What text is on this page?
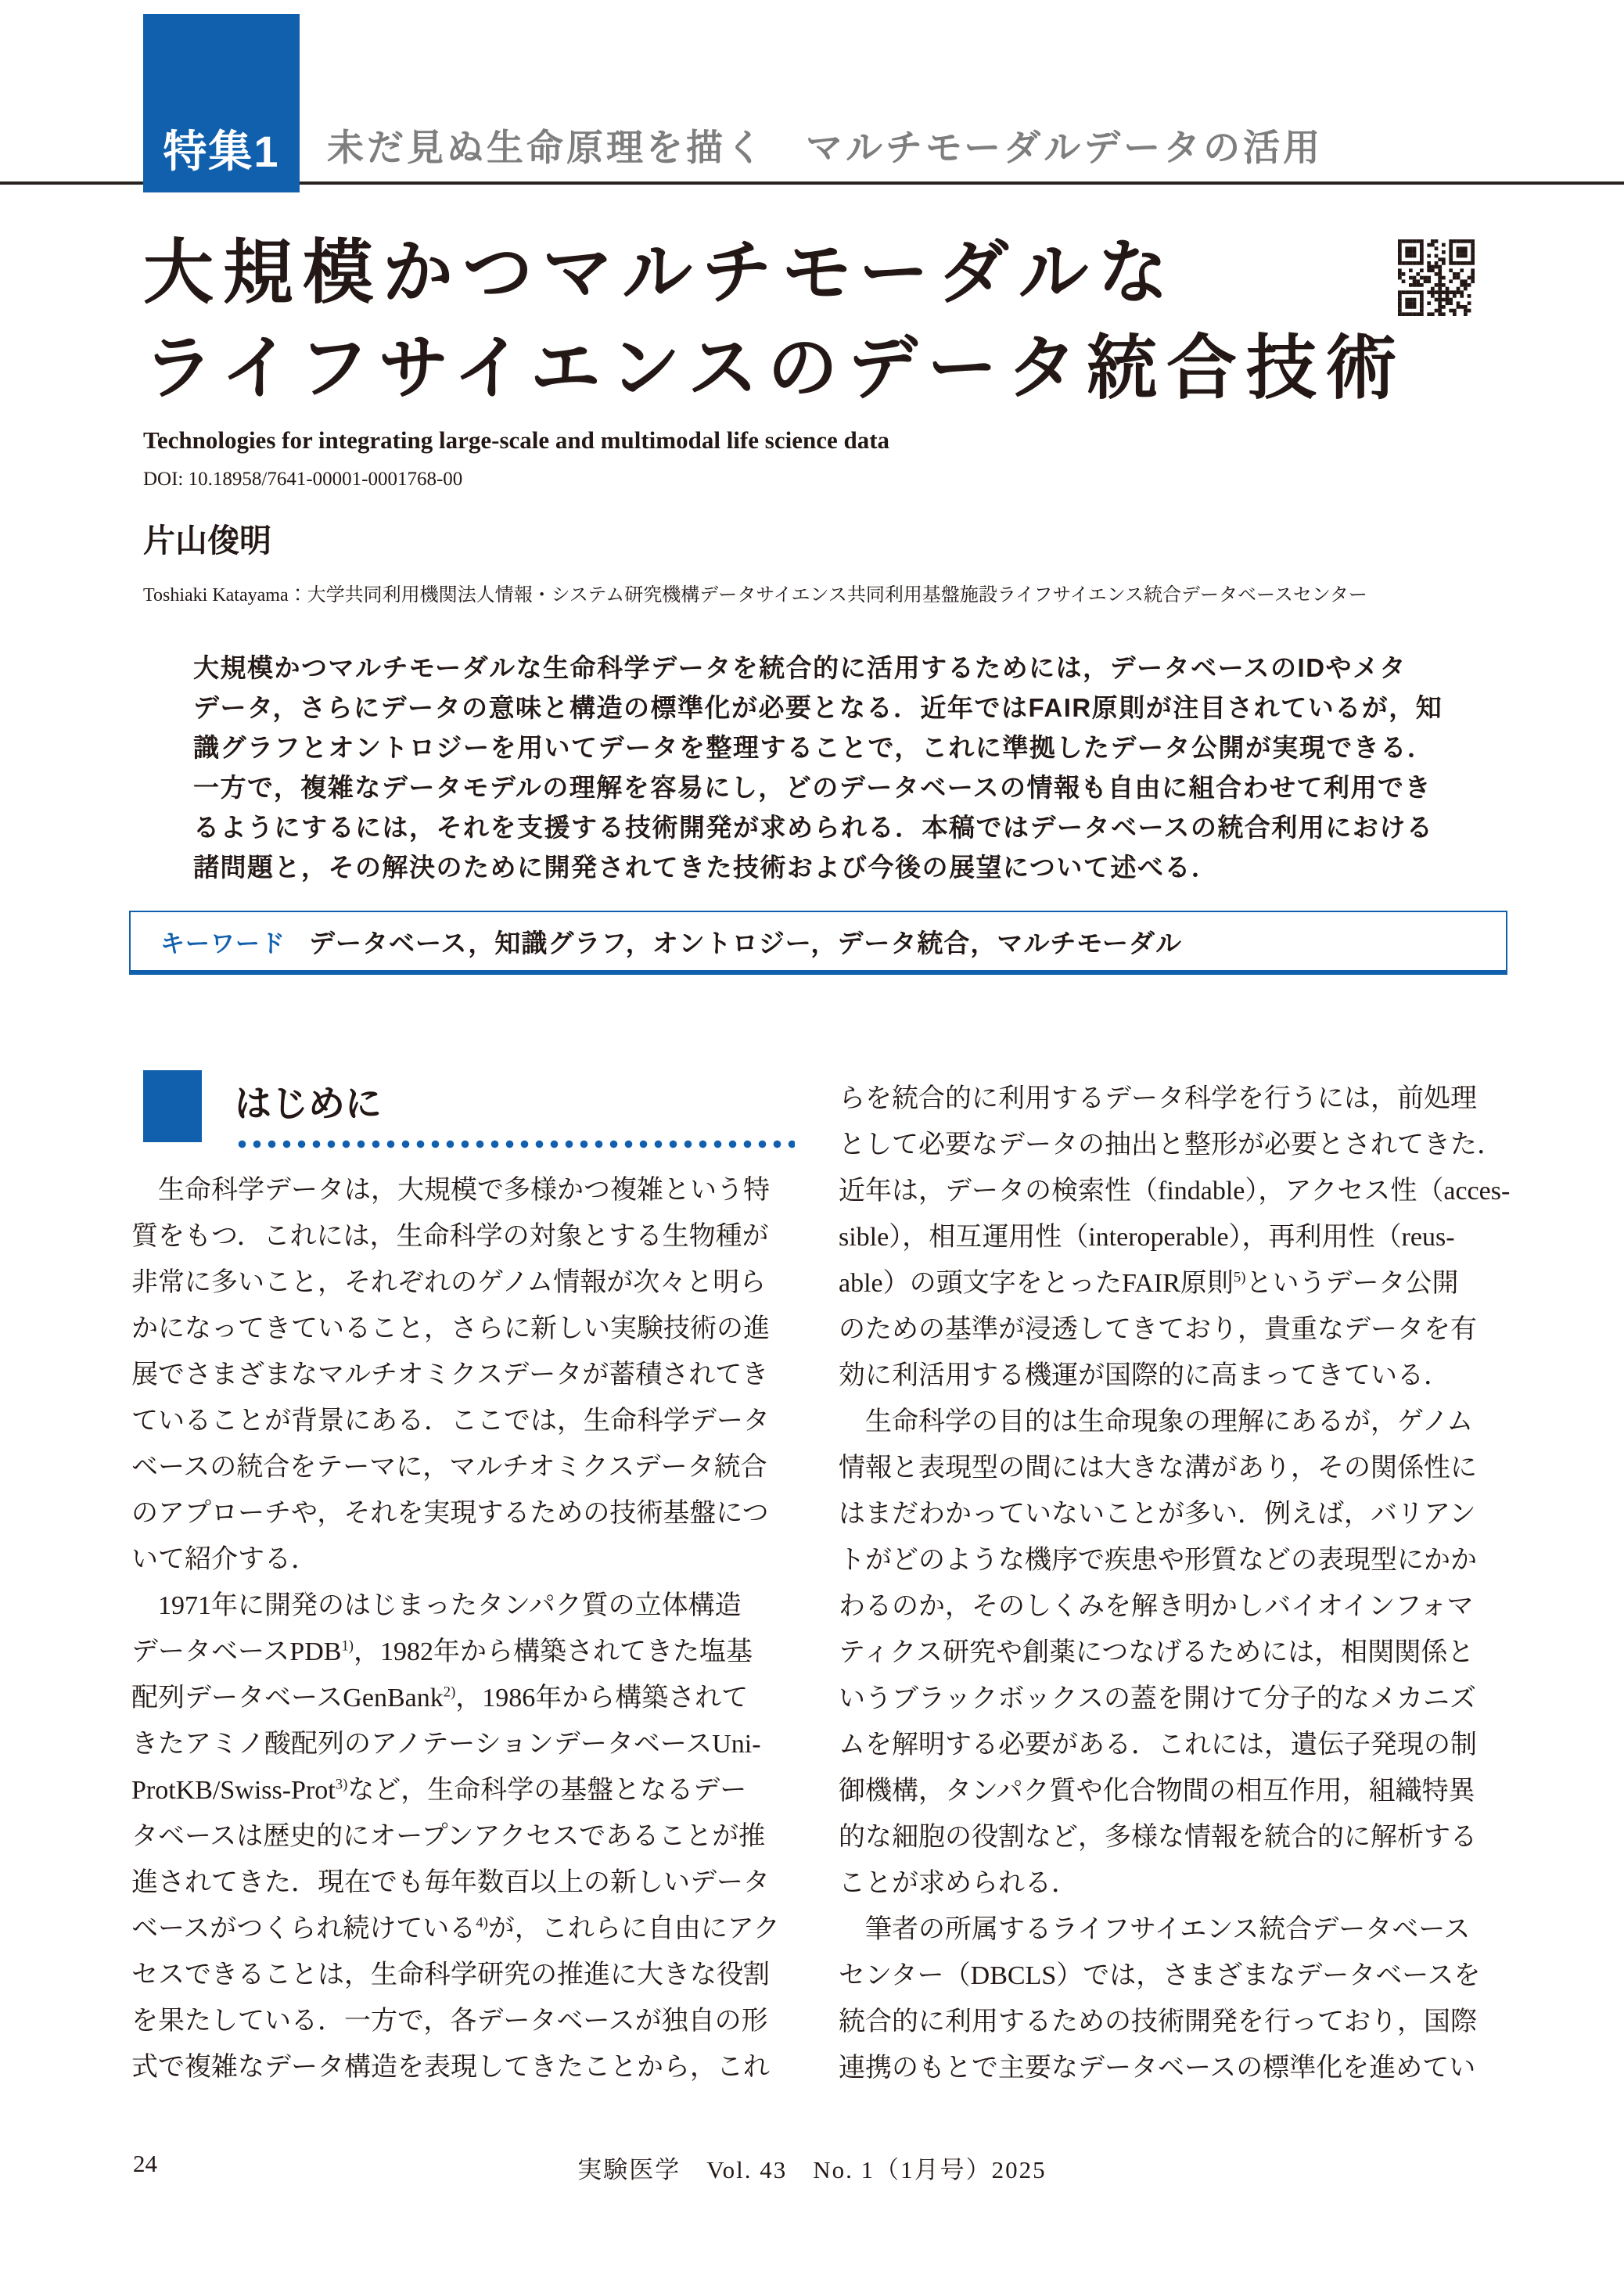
特集1 未だ見ぬ生命原理を描く　マルチモーダルデータの活用
大規模かつマルチモーダルな
ライフサイエンスのデータ統合技術
Technologies for integrating large-scale and multimodal life science data
DOI: 10.18958/7641-00001-0001768-00
片山俊明
Toshiaki Katayama：大学共同利用機関法人情報・システム研究機構データサイエンス共同利用基盤施設ライフサイエンス統合データベースセンター
大規模かつマルチモーダルな生命科学データを統合的に活用するためには，データベースのIDやメタ
データ，さらにデータの意味と構造の標準化が必要となる．近年ではFAIR原則が注目されているが，知
識グラフとオントロジーを用いてデータを整理することで，これに準拠したデータ公開が実現できる．
一方で，複雑なデータモデルの理解を容易にし，どのデータベースの情報も自由に組合わせて利用でき
るようにするには，それを支援する技術開発が求められる．本稿ではデータベースの統合利用における
諸問題と，その解決のために開発されてきた技術および今後の展望について述べる．
キーワード データベース，知識グラフ，オントロジー，データ統合，マルチモーダル
はじめに
　生命科学データは，大規模で多様かつ複雑という特
質をもつ．これには，生命科学の対象とする生物種が
非常に多いこと，それぞれのゲノム情報が次々と明ら
かになってきていること，さらに新しい実験技術の進
展でさまざまなマルチオミクスデータが蓄積されてき
ていることが背景にある．ここでは，生命科学データ
ベースの統合をテーマに，マルチオミクスデータ統合
のアプローチや，それを実現するための技術基盤につ
いて紹介する．
　1971年に開発のはじまったタンパク質の立体構造
データベースPDB$^{1)}$，1982年から構築されてきた塩基
配列データベースGenBank$^{2)}$，1986年から構築されて
きたアミノ酸配列のアノテーションデータベースUni-
ProtKB/Swiss-Prot$^{3)}$など，生命科学の基盤となるデー
タベースは歴史的にオープンアクセスであることが推
進されてきた．現在でも毎年数百以上の新しいデータ
ベースがつくられ続けている$^{4)}$が，これらに自由にアク
セスできることは，生命科学研究の推進に大きな役割
を果たしている．一方で，各データベースが独自の形
式で複雑なデータ構造を表現してきたことから，これ
らを統合的に利用するデータ科学を行うには，前処理
として必要なデータの抽出と整形が必要とされてきた．
近年は，データの検索性（findable），アクセス性（acces-
sible），相互運用性（interoperable），再利用性（reus-
able）の頭文字をとったFAIR原則$^{5)}$というデータ公開
のための基準が浸透してきており，貴重なデータを有
効に利活用する機運が国際的に高まってきている．
　生命科学の目的は生命現象の理解にあるが，ゲノム
情報と表現型の間には大きな溝があり，その関係性に
はまだわかっていないことが多い．例えば，バリアン
トがどのような機序で疾患や形質などの表現型にかか
わるのか，そのしくみを解き明かしバイオインフォマ
ティクス研究や創薬につなげるためには，相関関係と
いうブラックボックスの蓋を開けて分子的なメカニズ
ムを解明する必要がある．これには，遺伝子発現の制
御機構，タンパク質や化合物間の相互作用，組織特異
的な細胞の役割など，多様な情報を統合的に解析する
ことが求められる．
　筆者の所属するライフサイエンス統合データベース
センター（DBCLS）では，さまざまなデータベースを
統合的に利用するための技術開発を行っており，国際
連携のもとで主要なデータベースの標準化を進めてい
24	実験医学　Vol. 43　No. 1（1月号）2025
